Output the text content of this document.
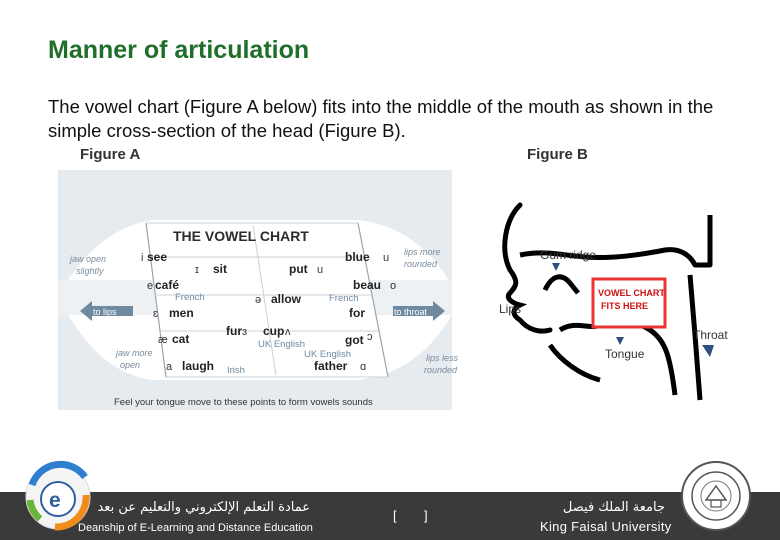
Manner of articulation
The vowel chart (Figure A below) fits into the middle of the mouth as shown in the simple cross-section of the head (Figure B).
Figure A	Figure B
THE VOWEL CHART
jaw open
slightly
jaw more
open
lips more
rounded
lips less
rounded
to lips	to throat
i
ɪ	u
u
e	o
ə
ɛ
ɜ	ʌ	ɔ
æ
a	ɑ
see
sit	put
blue
café	beau
allow
for
men
fur cup
got
cat
laugh	father
French	French
UK English
UK English
Irish
Feel your tongue move to these points to form vowels sounds
VOWEL CHART
FITS HERE
Gum ridge
Lips
Throat
Tongue
e	عمادة التعلم الإلكتروني والتعليم عن بعد
Deanship of E-Learning and Distance Education
[ ]
جامعة الملك فيصل
King Faisal University
